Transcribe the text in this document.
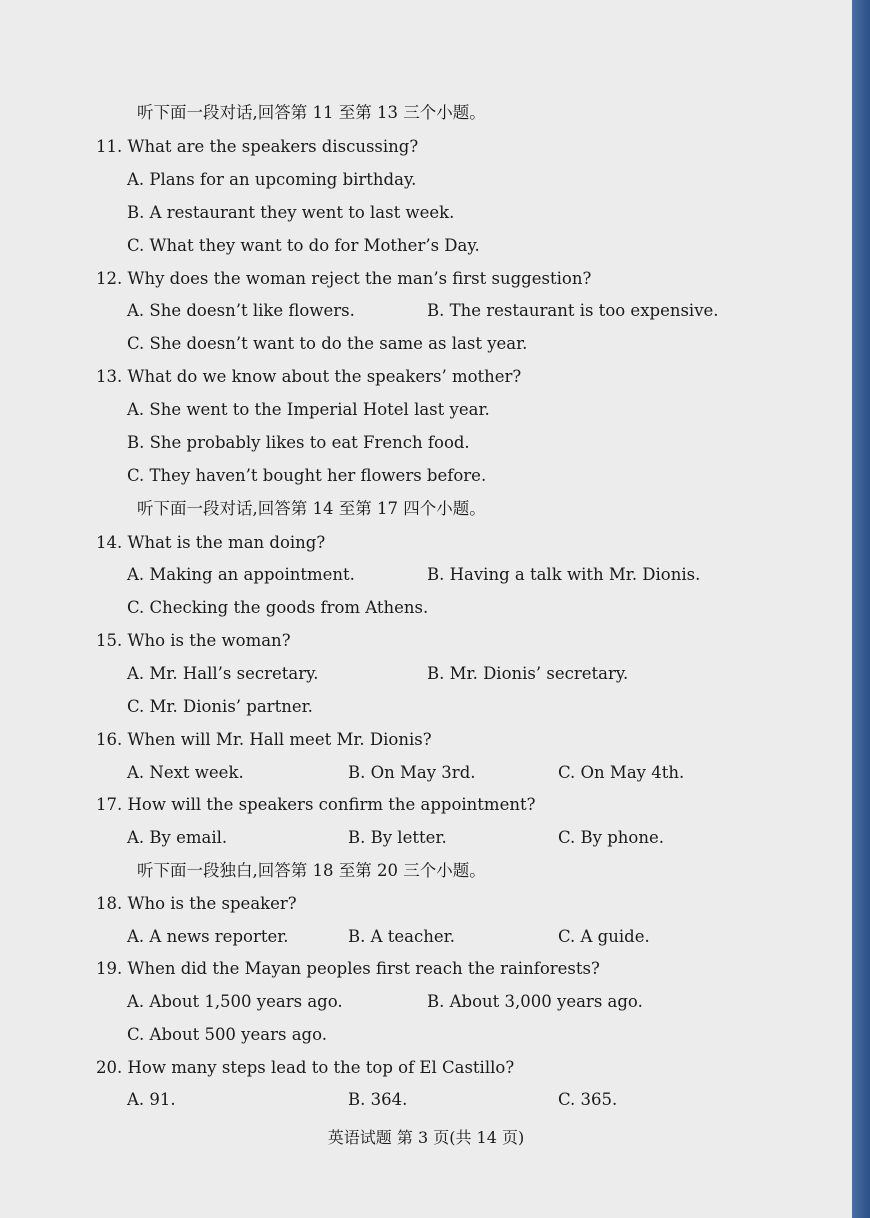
听下面一段对话,回答第 11 至第 13 三个小题。
11. What are the speakers discussing?
A. Plans for an upcoming birthday.
B. A restaurant they went to last week.
C. What they want to do for Mother’s Day.
12. Why does the woman reject the man’s first suggestion?
A. She doesn’t like flowers.	B. The restaurant is too expensive.
C. She doesn’t want to do the same as last year.
13. What do we know about the speakers’ mother?
A. She went to the Imperial Hotel last year.
B. She probably likes to eat French food.
C. They haven’t bought her flowers before.
听下面一段对话,回答第 14 至第 17 四个小题。
14. What is the man doing?
A. Making an appointment.	B. Having a talk with Mr. Dionis.
C. Checking the goods from Athens.
15. Who is the woman?
A. Mr. Hall’s secretary.	B. Mr. Dionis’ secretary.
C. Mr. Dionis’ partner.
16. When will Mr. Hall meet Mr. Dionis?
A. Next week.	B. On May 3rd.	C. On May 4th.
17. How will the speakers confirm the appointment?
A. By email.	B. By letter.	C. By phone.
听下面一段独白,回答第 18 至第 20 三个小题。
18. Who is the speaker?
A. A news reporter.	B. A teacher.	C. A guide.
19. When did the Mayan peoples first reach the rainforests?
A. About 1,500 years ago.	B. About 3,000 years ago.
C. About 500 years ago.
20. How many steps lead to the top of El Castillo?
A. 91.	B. 364.	C. 365.
英语试题 第 3 页(共 14 页)
